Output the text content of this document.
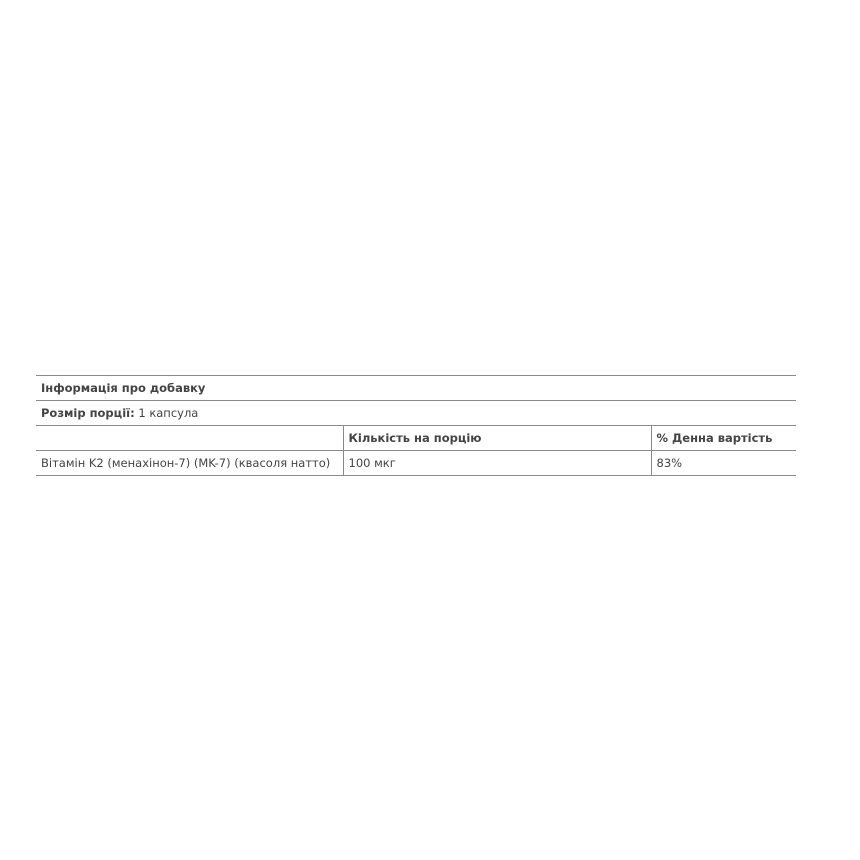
Інформація про добавку
Розмір порції: 1 капсула
	Кількість на порцію	% Денна вартість
Вітамін K2 (менахінон-7) (MK-7) (квасоля натто)	100 мкг	83%
